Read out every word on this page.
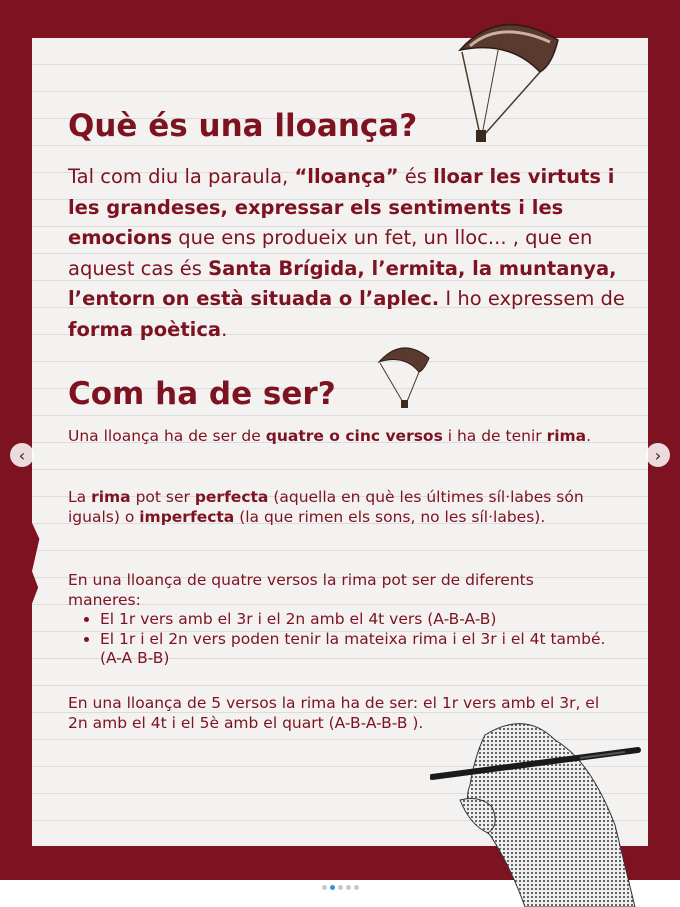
Què és una lloança?

Tal com diu la paraula, “lloança” és lloar les virtuts i les grandeses, expressar els sentiments i les emocions que ens produeix un fet, un lloc... , que en aquest cas és Santa Brígida, l’ermita, la muntanya, l’entorn on està situada o l’aplec. I ho expressem de forma poètica.

Com ha de ser?

Una lloança ha de ser de quatre o cinc versos i ha de tenir rima.

La rima pot ser perfecta (aquella en què les últimes síl·labes són iguals) o imperfecta (la que rimen els sons, no les síl·labes).

En una lloança de quatre versos la rima pot ser de diferents maneres:
• El 1r vers amb el 3r i el 2n amb el 4t vers (A-B-A-B)
• El 1r i el 2n vers poden tenir la mateixa rima i el 3r i el 4t també. (A-A B-B)

En una lloança de 5 versos la rima ha de ser: el 1r vers amb el 3r, el 2n amb el 4t i el 5è amb el quart (A-B-A-B-B ).

‹	›
